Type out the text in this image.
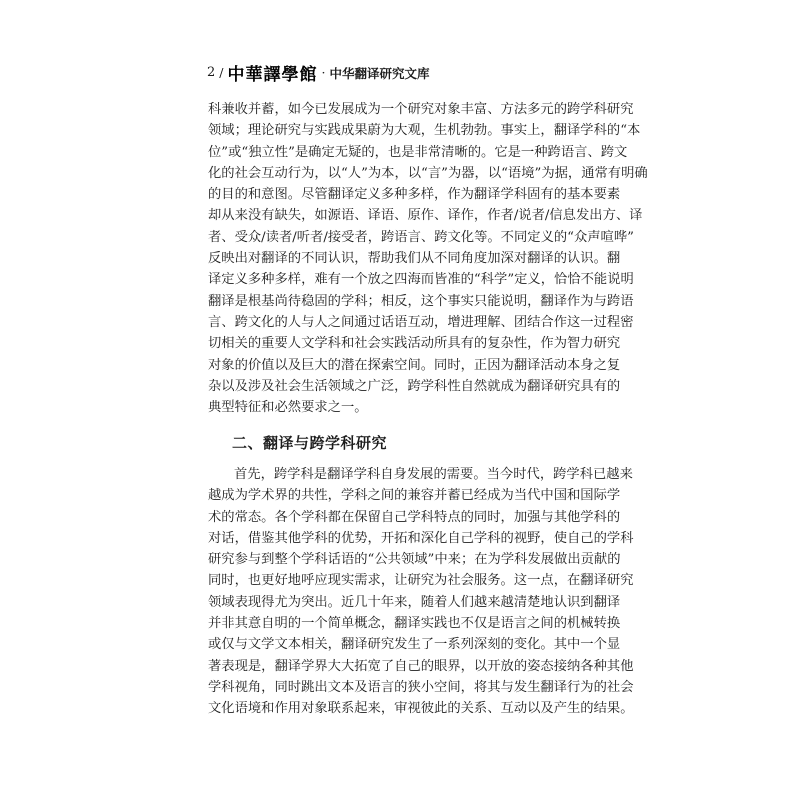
2 / 中華譯學館 · 中华翻译研究文库
科兼收并蓄，如今已发展成为一个研究对象丰富、方法多元的跨学科研究
领域；理论研究与实践成果蔚为大观，生机勃勃。事实上，翻译学科的“本
位”或“独立性”是确定无疑的，也是非常清晰的。它是一种跨语言、跨文
化的社会互动行为，以“人”为本，以“言”为器，以“语境”为据，通常有明确
的目的和意图。尽管翻译定义多种多样，作为翻译学科固有的基本要素
却从来没有缺失，如源语、译语、原作、译作，作者/说者/信息发出方、译
者、受众/读者/听者/接受者，跨语言、跨文化等。不同定义的“众声喧哗”
反映出对翻译的不同认识，帮助我们从不同角度加深对翻译的认识。翻
译定义多种多样，难有一个放之四海而皆准的“科学”定义，恰恰不能说明
翻译是根基尚待稳固的学科；相反，这个事实只能说明，翻译作为与跨语
言、跨文化的人与人之间通过话语互动，增进理解、团结合作这一过程密
切相关的重要人文学科和社会实践活动所具有的复杂性，作为智力研究
对象的价值以及巨大的潜在探索空间。同时，正因为翻译活动本身之复
杂以及涉及社会生活领域之广泛，跨学科性自然就成为翻译研究具有的
典型特征和必然要求之一。
二、翻译与跨学科研究
首先，跨学科是翻译学科自身发展的需要。当今时代，跨学科已越来
越成为学术界的共性，学科之间的兼容并蓄已经成为当代中国和国际学
术的常态。各个学科都在保留自己学科特点的同时，加强与其他学科的
对话，借鉴其他学科的优势，开拓和深化自己学科的视野，使自己的学科
研究参与到整个学科话语的“公共领域”中来；在为学科发展做出贡献的
同时，也更好地呼应现实需求，让研究为社会服务。这一点，在翻译研究
领域表现得尤为突出。近几十年来，随着人们越来越清楚地认识到翻译
并非其意自明的一个简单概念，翻译实践也不仅是语言之间的机械转换
或仅与文学文本相关，翻译研究发生了一系列深刻的变化。其中一个显
著表现是，翻译学界大大拓宽了自己的眼界，以开放的姿态接纳各种其他
学科视角，同时跳出文本及语言的狭小空间，将其与发生翻译行为的社会
文化语境和作用对象联系起来，审视彼此的关系、互动以及产生的结果。
